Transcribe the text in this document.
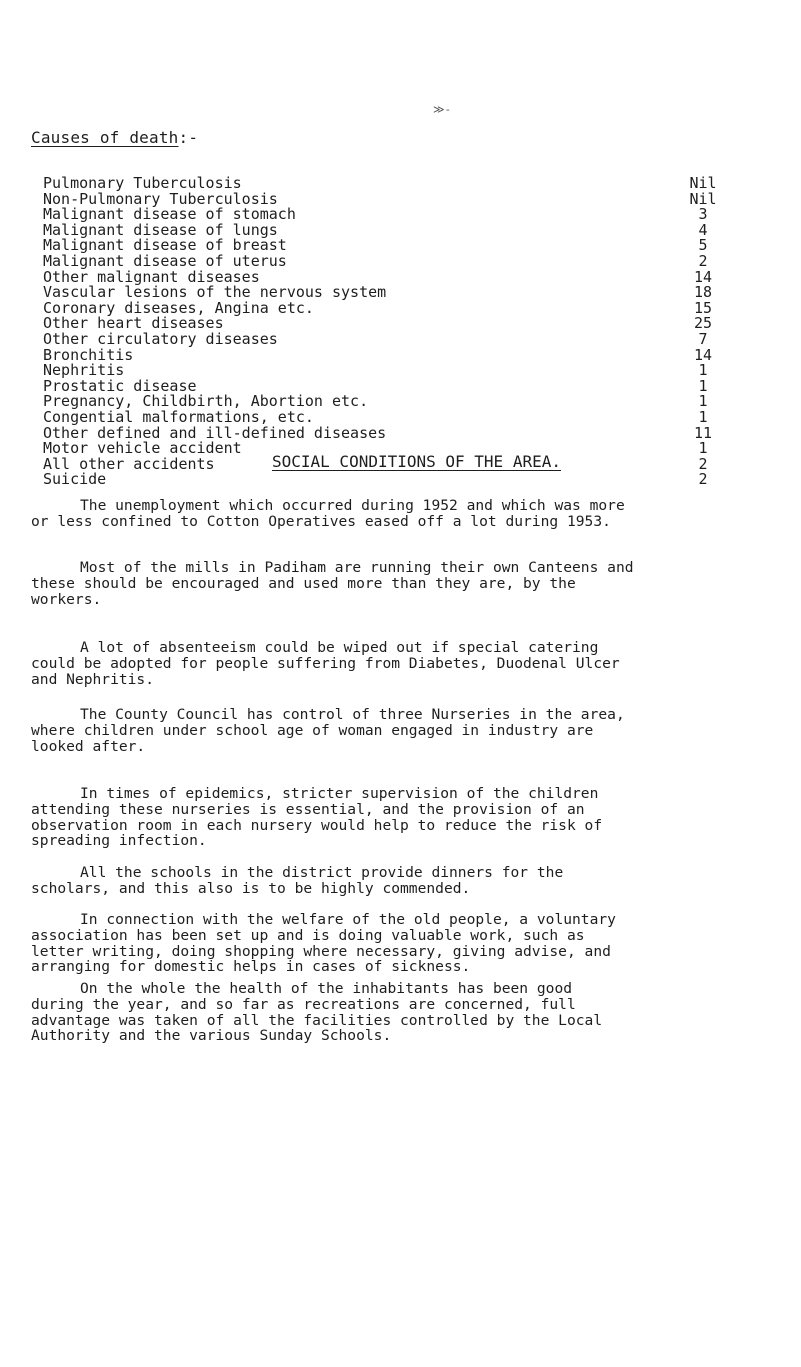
≫-
Causes of death:-
Pulmonary Tuberculosis	Nil
Non-Pulmonary Tuberculosis	Nil
Malignant disease of stomach	3
Malignant disease of lungs	4
Malignant disease of breast	5
Malignant disease of uterus	2
Other malignant diseases	14
Vascular lesions of the nervous system	18
Coronary diseases, Angina etc.	15
Other heart diseases	25
Other circulatory diseases	7
Bronchitis	14
Nephritis	1
Prostatic disease	1
Pregnancy, Childbirth, Abortion etc.	1
Congential malformations, etc.	1
Other defined and ill-defined diseases	11
Motor vehicle accident	1
All other accidents	2
Suicide	2
SOCIAL CONDITIONS OF THE AREA.

The unemployment which occurred during 1952 and which was more
or less confined to Cotton Operatives eased off a lot during 1953.

Most of the mills in Padiham are running their own Canteens and
these should be encouraged and used more than they are, by the
workers.

A lot of absenteeism could be wiped out if special catering
could be adopted for people suffering from Diabetes, Duodenal Ulcer
and Nephritis.

The County Council has control of three Nurseries in the area,
where children under school age of woman engaged in industry are
looked after.

In times of epidemics, stricter supervision of the children
attending these nurseries is essential, and the provision of an
observation room in each nursery would help to reduce the risk of
spreading infection.

All the schools in the district provide dinners for the
scholars, and this also is to be highly commended.

In connection with the welfare of the old people, a voluntary
association has been set up and is doing valuable work, such as
letter writing, doing shopping where necessary, giving advise, and
arranging for domestic helps in cases of sickness.

On the whole the health of the inhabitants has been good
during the year, and so far as recreations are concerned, full
advantage was taken of all the facilities controlled by the Local
Authority and the various Sunday Schools.
